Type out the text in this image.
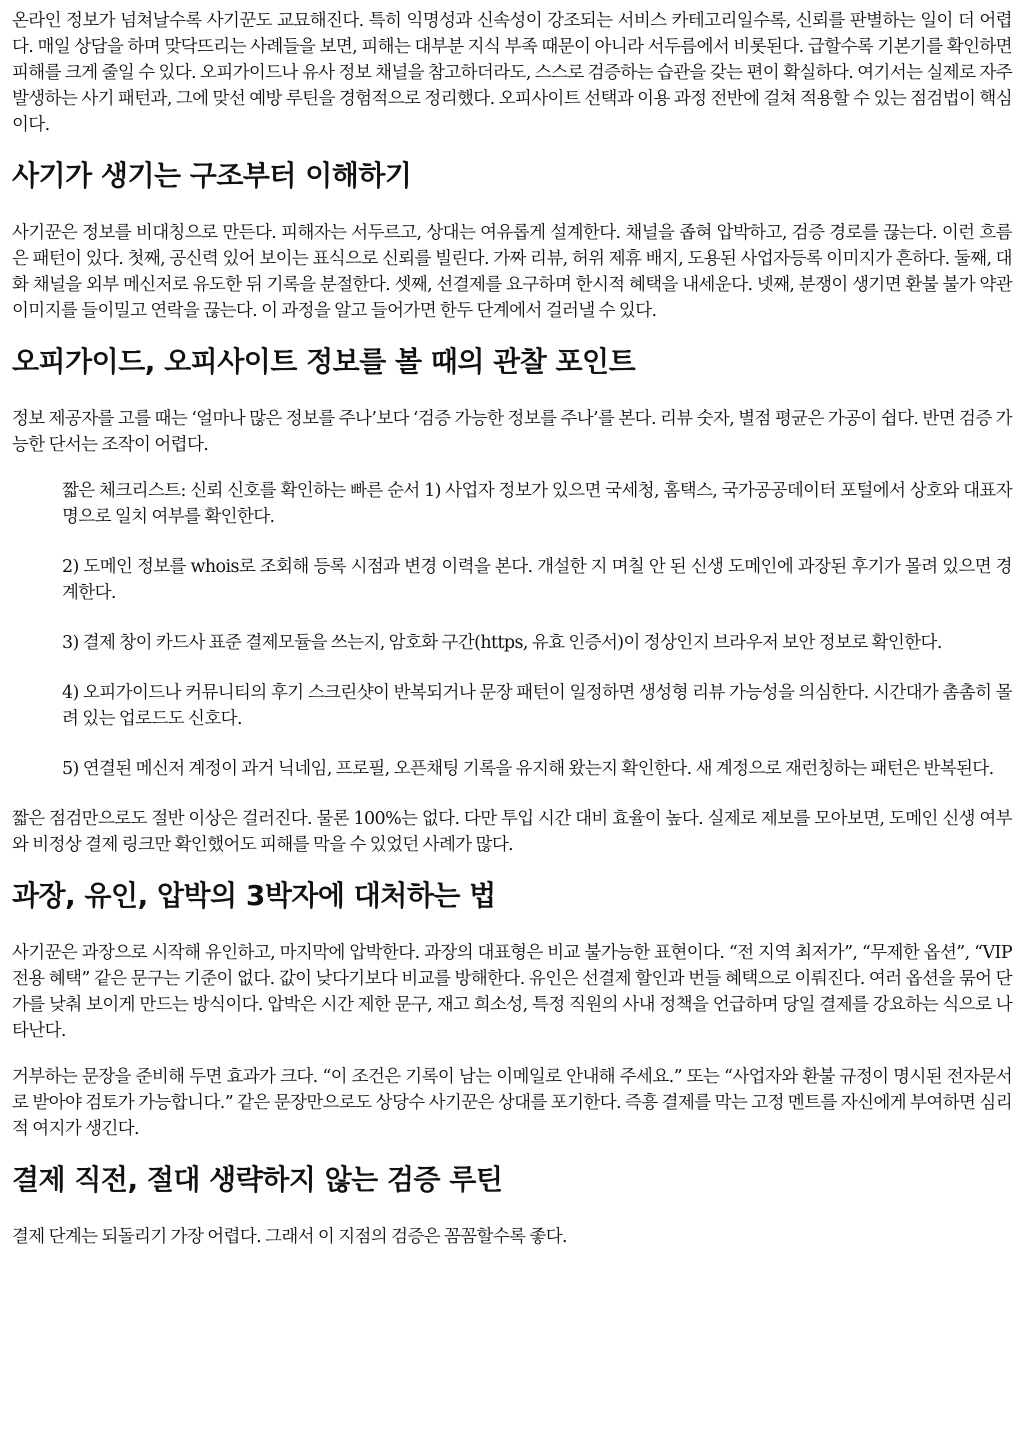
온라인 정보가 넘쳐날수록 사기꾼도 교묘해진다. 특히 익명성과 신속성이 강조되는 서비스 카테고리일수록, 신뢰를 판별하는 일이 더 어렵다. 매일 상담을 하며 맞닥뜨리는 사례들을 보면, 피해는 대부분 지식 부족 때문이 아니라 서두름에서 비롯된다. 급할수록 기본기를 확인하면 피해를 크게 줄일 수 있다. 오피가이드나 유사 정보 채널을 참고하더라도, 스스로 검증하는 습관을 갖는 편이 확실하다. 여기서는 실제로 자주 발생하는 사기 패턴과, 그에 맞선 예방 루틴을 경험적으로 정리했다. 오피사이트 선택과 이용 과정 전반에 걸쳐 적용할 수 있는 점검법이 핵심이다.

사기가 생기는 구조부터 이해하기

사기꾼은 정보를 비대칭으로 만든다. 피해자는 서두르고, 상대는 여유롭게 설계한다. 채널을 좁혀 압박하고, 검증 경로를 끊는다. 이런 흐름은 패턴이 있다. 첫째, 공신력 있어 보이는 표식으로 신뢰를 빌린다. 가짜 리뷰, 허위 제휴 배지, 도용된 사업자등록 이미지가 흔하다. 둘째, 대화 채널을 외부 메신저로 유도한 뒤 기록을 분절한다. 셋째, 선결제를 요구하며 한시적 혜택을 내세운다. 넷째, 분쟁이 생기면 환불 불가 약관 이미지를 들이밀고 연락을 끊는다. 이 과정을 알고 들어가면 한두 단계에서 걸러낼 수 있다.

오피가이드, 오피사이트 정보를 볼 때의 관찰 포인트

정보 제공자를 고를 때는 ‘얼마나 많은 정보를 주나’보다 ‘검증 가능한 정보를 주나’를 본다. 리뷰 숫자, 별점 평균은 가공이 쉽다. 반면 검증 가능한 단서는 조작이 어렵다.

짧은 체크리스트: 신뢰 신호를 확인하는 빠른 순서 1) 사업자 정보가 있으면 국세청, 홈택스, 국가공공데이터 포털에서 상호와 대표자명으로 일치 여부를 확인한다.

2) 도메인 정보를 whois로 조회해 등록 시점과 변경 이력을 본다. 개설한 지 며칠 안 된 신생 도메인에 과장된 후기가 몰려 있으면 경계한다.

3) 결제 창이 카드사 표준 결제모듈을 쓰는지, 암호화 구간(https, 유효 인증서)이 정상인지 브라우저 보안 정보로 확인한다.

4) 오피가이드나 커뮤니티의 후기 스크린샷이 반복되거나 문장 패턴이 일정하면 생성형 리뷰 가능성을 의심한다. 시간대가 촘촘히 몰려 있는 업로드도 신호다.

5) 연결된 메신저 계정이 과거 닉네임, 프로필, 오픈채팅 기록을 유지해 왔는지 확인한다. 새 계정으로 재런칭하는 패턴은 반복된다.

짧은 점검만으로도 절반 이상은 걸러진다. 물론 100%는 없다. 다만 투입 시간 대비 효율이 높다. 실제로 제보를 모아보면, 도메인 신생 여부와 비정상 결제 링크만 확인했어도 피해를 막을 수 있었던 사례가 많다.

과장, 유인, 압박의 3박자에 대처하는 법

사기꾼은 과장으로 시작해 유인하고, 마지막에 압박한다. 과장의 대표형은 비교 불가능한 표현이다. “전 지역 최저가”, “무제한 옵션”, “VIP 전용 혜택” 같은 문구는 기준이 없다. 값이 낮다기보다 비교를 방해한다. 유인은 선결제 할인과 번들 혜택으로 이뤄진다. 여러 옵션을 묶어 단가를 낮춰 보이게 만드는 방식이다. 압박은 시간 제한 문구, 재고 희소성, 특정 직원의 사내 정책을 언급하며 당일 결제를 강요하는 식으로 나타난다.

거부하는 문장을 준비해 두면 효과가 크다. “이 조건은 기록이 남는 이메일로 안내해 주세요.” 또는 “사업자와 환불 규정이 명시된 전자문서로 받아야 검토가 가능합니다.” 같은 문장만으로도 상당수 사기꾼은 상대를 포기한다. 즉흥 결제를 막는 고정 멘트를 자신에게 부여하면 심리적 여지가 생긴다.

결제 직전, 절대 생략하지 않는 검증 루틴

결제 단계는 되돌리기 가장 어렵다. 그래서 이 지점의 검증은 꼼꼼할수록 좋다.
